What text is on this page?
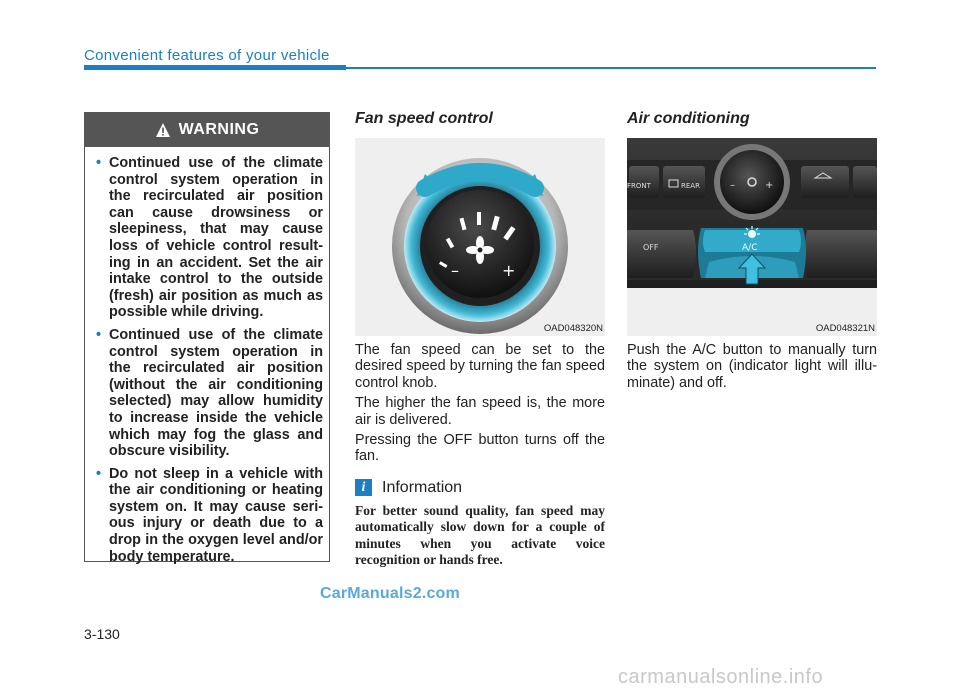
Convenient features of your vehicle
WARNING
• Continued use of the climate control system operation in the recirculated air position can cause drowsiness or sleepiness, that may cause loss of vehicle control result-ing in an accident. Set the air intake control to the outside (fresh) air position as much as possible while driving.
• Continued use of the climate control system operation in the recirculated air position (without the air conditioning selected) may allow humidity to increase inside the vehicle which may fog the glass and obscure visibility.
• Do not sleep in a vehicle with the air conditioning or heating system on. It may cause seri-ous injury or death due to a drop in the oxygen level and/or body temperature.
Fan speed control
–	+
OAD048320N

The fan speed can be set to the desired speed by turning the fan speed control knob.

The higher the fan speed is, the more air is delivered.

Pressing the OFF button turns off the fan.

i	Information
For better sound quality, fan speed may automatically slow down for a couple of minutes when you activate voice recognition or hands free.
Air conditioning
FRONT	REAR	–	+
OFF	A/C
OAD048321N

Push the A/C button to manually turn the system on (indicator light will illu-minate) and off.

CarManuals2.com
3-130
carmanualsonline.info
